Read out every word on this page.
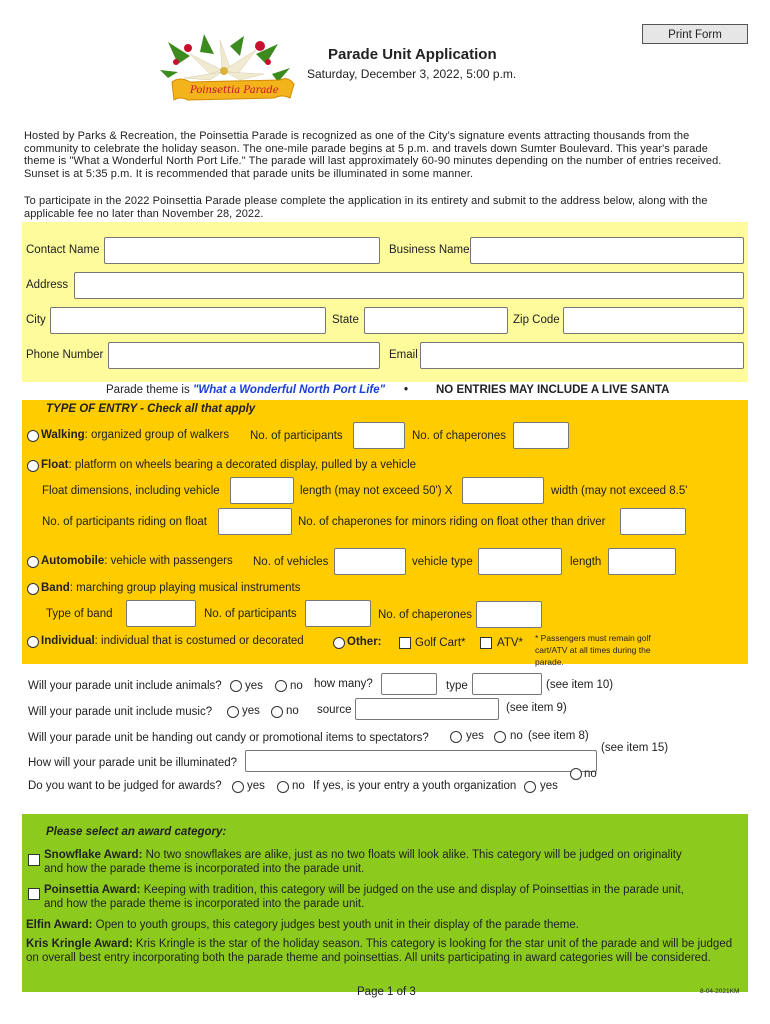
Print Form
Poinsettia Parade
Parade Unit Application
Saturday, December 3, 2022, 5:00 p.m.
Hosted by Parks & Recreation, the Poinsettia Parade is recognized as one of the City's signature events attracting thousands from the community to celebrate the holiday season. The one-mile parade begins at 5 p.m. and travels down Sumter Boulevard. This year's parade theme is "What a Wonderful North Port Life." The parade will last approximately 60-90 minutes depending on the number of entries received. Sunset is at 5:35 p.m. It is recommended that parade units be illuminated in some manner.
To participate in the 2022 Poinsettia Parade please complete the application in its entirety and submit to the address below, along with the applicable fee no later than November 28, 2022.
Contact Name	Business Name
Address
City	State	Zip Code
Phone Number	Email
Parade theme is "What a Wonderful North Port Life" • NO ENTRIES MAY INCLUDE A LIVE SANTA
TYPE OF ENTRY - Check all that apply
Walking: organized group of walkers No. of participants	No. of chaperones
Float: platform on wheels bearing a decorated display, pulled by a vehicle
Float dimensions, including vehicle	length (may not exceed 50') X	width (may not exceed 8.5'
No. of participants riding on float	No. of chaperones for minors riding on float other than driver
Automobile: vehicle with passengers No. of vehicles	vehicle type	length
Band: marching group playing musical instruments
Type of band	No. of participants	No. of chaperones
Individual: individual that is costumed or decorated	Other:	Golf Cart*	ATV* * Passengers must remain golf cart/ATV at all times during the parade.
Will your parade unit include animals? yes no how many?	type	(see item 10)
Will your parade unit include music?	yes no source	(see item 9)
Will your parade unit be handing out candy or promotional items to spectators?	yes no (see item 8)
(see item 15)
How will your parade unit be illuminated?
Do you want to be judged for awards? yes no If yes, is your entry a youth organization yes
no
Please select an award category:
Snowflake Award: No two snowflakes are alike, just as no two floats will look alike. This category will be judged on originality and how the parade theme is incorporated into the parade unit.
Poinsettia Award: Keeping with tradition, this category will be judged on the use and display of Poinsettias in the parade unit, and how the parade theme is incorporated into the parade unit.
Elfin Award: Open to youth groups, this category judges best youth unit in their display of the parade theme.
Kris Kringle Award: Kris Kringle is the star of the holiday season. This category is looking for the star unit of the parade and will be judged on overall best entry incorporating both the parade theme and poinsettias. All units participating in award categories will be considered.
Page 1 of 3	8-04-2021KM
